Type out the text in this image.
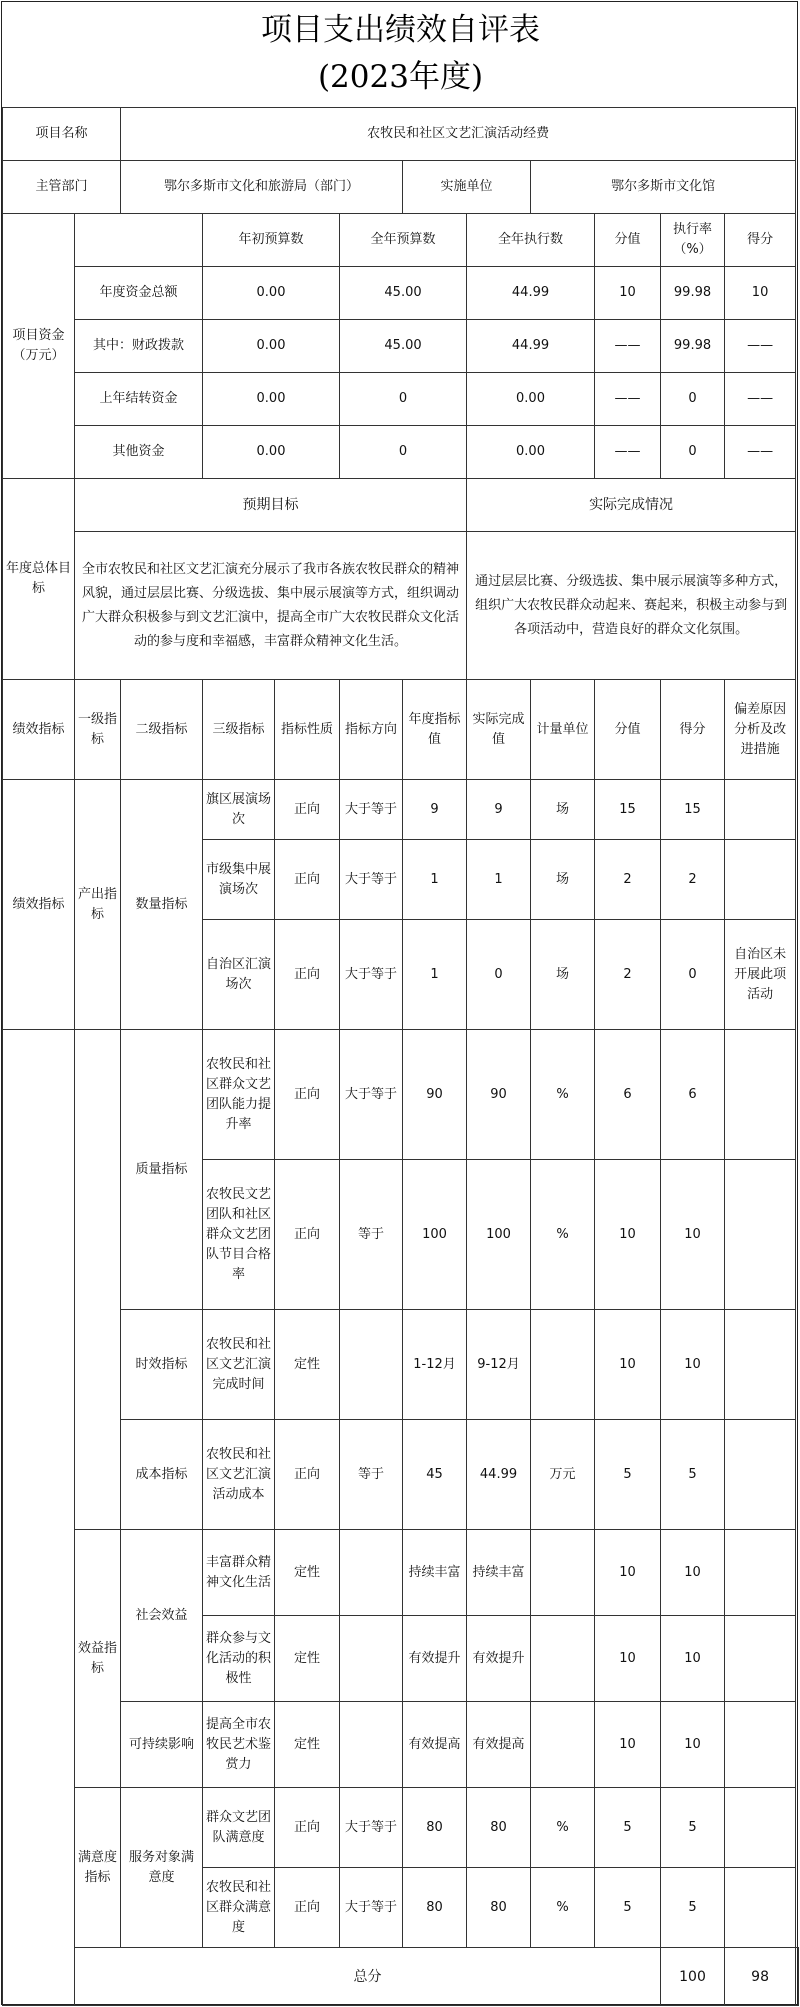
项目支出绩效自评表
(2023年度)
项目名称		农牧民和社区文艺汇演活动经费										
主管部门		鄂尔多斯市文化和旅游局（部门）				实施单位		鄂尔多斯市文化馆				
项目资金（万元）			年初预算数		全年预算数		全年执行数		分值	执行率（%）	得分	
	年度资金总额		0.00		45.00		44.99		10	99.98	10	
	其中：财政拨款		0.00		45.00		44.99		——	99.98	——	
	上年结转资金		0.00		0		0.00		——	0	——	
	其他资金		0.00		0		0.00		——	0	——	
年度总体目标	预期目标						实际完成情况					
	全市农牧民和社区文艺汇演充分展示了我市各族农牧民群众的精神风貌，通过层层比赛、分级选拔、集中展示展演等方式，组织调动广大群众积极参与到文艺汇演中，提高全市广大农牧民群众文化活动的参与度和幸福感，丰富群众精神文化生活。						通过层层比赛、分级选拔、集中展示展演等多种方式，组织广大农牧民群众动起来、赛起来，积极主动参与到各项活动中，营造良好的群众文化氛围。					
绩效指标	一级指标	二级指标	三级指标	指标性质	指标方向	年度指标值	实际完成值	计量单位	分值	得分	偏差原因分析及改进措施	
绩效指标	产出指标	数量指标	旗区展演场次	正向	大于等于	9	9	场	15	15		
			市级集中展演场次	正向	大于等于	1	1	场	2	2		
			自治区汇演场次	正向	大于等于	1	0	场	2	0	自治区未开展此项活动	
		质量指标	农牧民和社区群众文艺团队能力提升率	正向	大于等于	90	90	%	6	6		
			农牧民文艺团队和社区群众文艺团队节目合格率	正向	等于	100	100	%	10	10		
		时效指标	农牧民和社区文艺汇演完成时间	定性		1-12月	9-12月		10	10		
		成本指标	农牧民和社区文艺汇演活动成本	正向	等于	45	44.99	万元	5	5		
	效益指标	社会效益	丰富群众精神文化生活	定性		持续丰富	持续丰富		10	10		
			群众参与文化活动的积极性	定性		有效提升	有效提升		10	10		
		可持续影响	提高全市农牧民艺术鉴赏力	定性		有效提高	有效提高		10	10		
	满意度指标	服务对象满意度	群众文艺团队满意度	正向	大于等于	80	80	%	5	5		
			农牧民和社区群众满意度	正向	大于等于	80	80	%	5	5		
	总分									100	98	
